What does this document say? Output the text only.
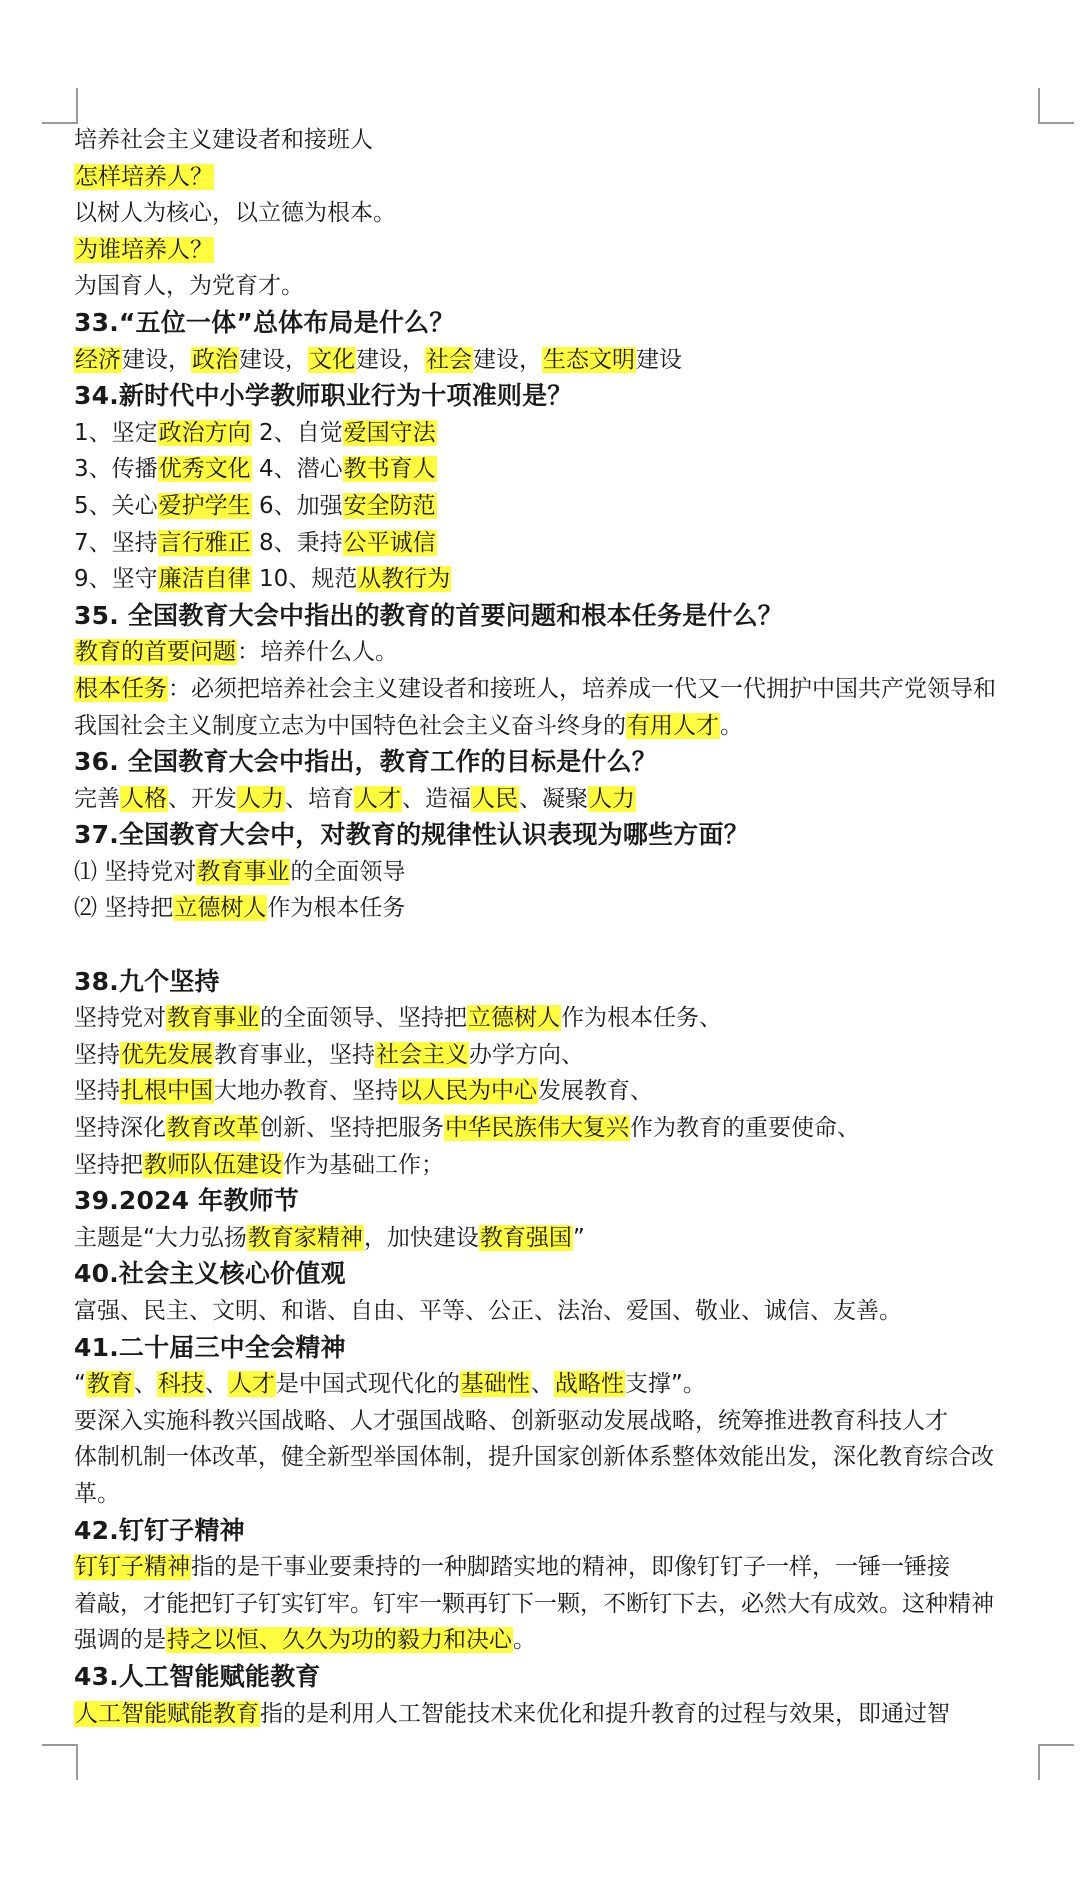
培养社会主义建设者和接班人
怎样培养人？
以树人为核心，以立德为根本。
为谁培养人？
为国育人，为党育才。
33.“五位一体”总体布局是什么？
经济建设，政治建设，文化建设，社会建设，生态文明建设
34.新时代中小学教师职业行为十项准则是？
1、坚定政治方向 2、自觉爱国守法
3、传播优秀文化 4、潜心教书育人
5、关心爱护学生 6、加强安全防范
7、坚持言行雅正 8、秉持公平诚信
9、坚守廉洁自律 10、规范从教行为
35. 全国教育大会中指出的教育的首要问题和根本任务是什么？
教育的首要问题：培养什么人。
根本任务：必须把培养社会主义建设者和接班人，培养成一代又一代拥护中国共产党领导和
我国社会主义制度立志为中国特色社会主义奋斗终身的有用人才。
36. 全国教育大会中指出，教育工作的目标是什么？
完善人格、开发人力、培育人才、造福人民、凝聚人力
37.全国教育大会中，对教育的规律性认识表现为哪些方面？
⑴ 坚持党对教育事业的全面领导
⑵ 坚持把立德树人作为根本任务
38.九个坚持
坚持党对教育事业的全面领导、坚持把立德树人作为根本任务、
坚持优先发展教育事业，坚持社会主义办学方向、
坚持扎根中国大地办教育、坚持以人民为中心发展教育、
坚持深化教育改革创新、坚持把服务中华民族伟大复兴作为教育的重要使命、
坚持把教师队伍建设作为基础工作；
39.2024 年教师节
主题是“大力弘扬教育家精神，加快建设教育强国”
40.社会主义核心价值观
富强、民主、文明、和谐、自由、平等、公正、法治、爱国、敬业、诚信、友善。
41.二十届三中全会精神
“教育、科技、人才是中国式现代化的基础性、战略性支撑”。
要深入实施科教兴国战略、人才强国战略、创新驱动发展战略，统筹推进教育科技人才
体制机制一体改革，健全新型举国体制，提升国家创新体系整体效能出发，深化教育综合改
革。
42.钉钉子精神
钉钉子精神指的是干事业要秉持的一种脚踏实地的精神，即像钉钉子一样，一锤一锤接
着敲，才能把钉子钉实钉牢。钉牢一颗再钉下一颗，不断钉下去，必然大有成效。这种精神
强调的是持之以恒、久久为功的毅力和决心。
43.人工智能赋能教育
人工智能赋能教育指的是利用人工智能技术来优化和提升教育的过程与效果，即通过智
